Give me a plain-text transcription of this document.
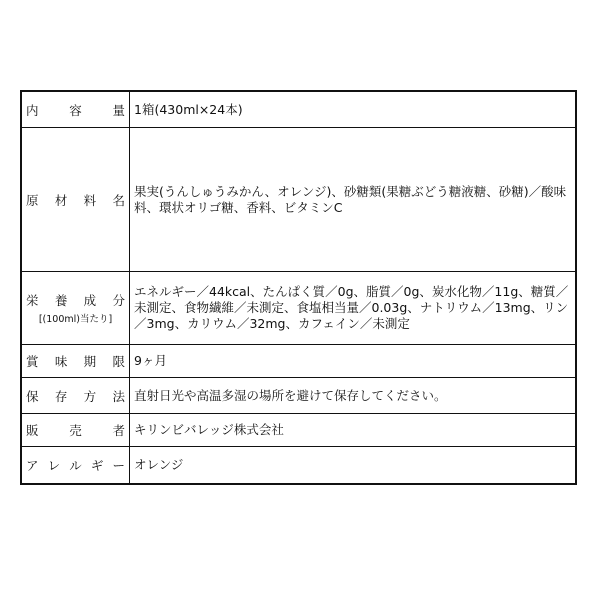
内 容 量 1箱(430ml×24本)
原 材 料 名
果実(うんしゅうみかん、オレンジ)、砂糖類(果糖ぶどう糖液糖、砂糖)／酸味料、環状オリゴ糖、香料、ビタミンC
栄 養 成 分
[(100ml)当たり]
エネルギー／44kcal、たんぱく質／0g、脂質／0g、炭水化物／11g、糖質／未測定、食物繊維／未測定、食塩相当量／0.03g、ナトリウム／13mg、リン／3mg、カリウム／32mg、カフェイン／未測定
賞 味 期 限 9ヶ月
保 存 方 法 直射日光や高温多湿の場所を避けて保存してください。
販 売 者 キリンビバレッジ株式会社
ア レ ル ギ ー オレンジ
